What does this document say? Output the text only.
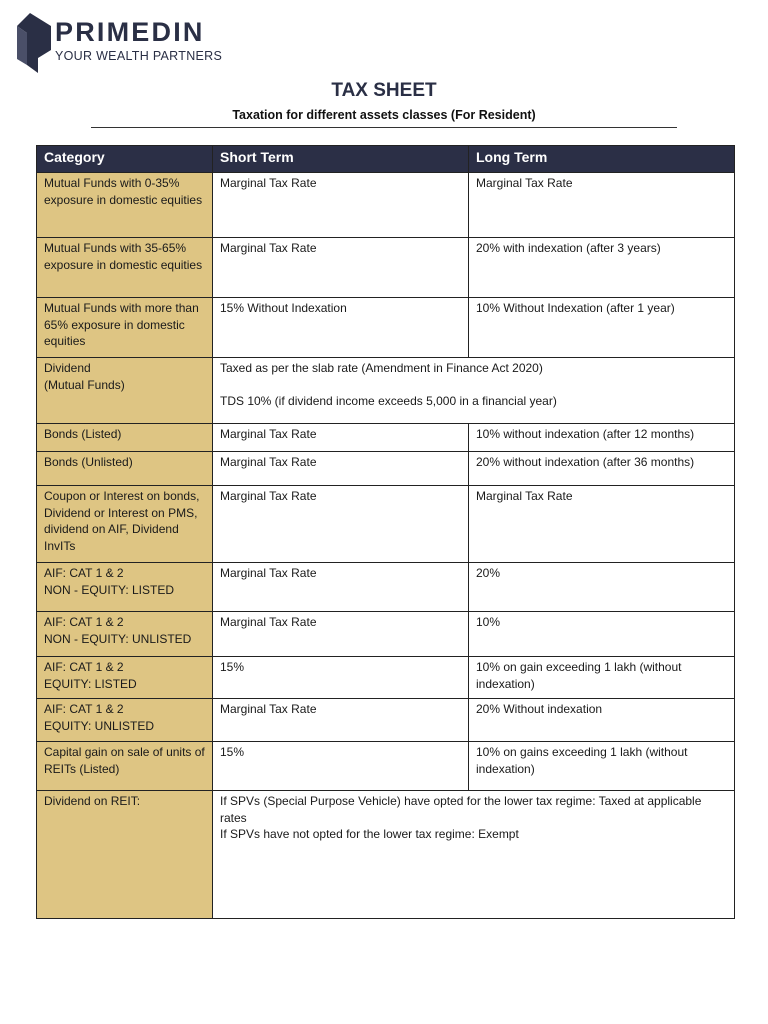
PRIMEDIN
YOUR WEALTH PARTNERS
TAX SHEET
Taxation for different assets classes (For Resident)
Category	Short Term	Long Term
Mutual Funds with 0-35% exposure in domestic equities	Marginal Tax Rate	Marginal Tax Rate
Mutual Funds with 35-65% exposure in domestic equities	Marginal Tax Rate	20% with indexation (after 3 years)
Mutual Funds with more than 65% exposure in domestic equities	15% Without Indexation	10% Without Indexation (after 1 year)
Dividend
(Mutual Funds)	Taxed as per the slab rate (Amendment in Finance Act 2020)

TDS 10% (if dividend income exceeds 5,000 in a financial year)	
Bonds (Listed)	Marginal Tax Rate	10% without indexation (after 12 months)
Bonds (Unlisted)	Marginal Tax Rate	20% without indexation (after 36 months)
Coupon or Interest on bonds, Dividend or Interest on PMS, dividend on AIF, Dividend InvITs	Marginal Tax Rate	Marginal Tax Rate
AIF: CAT 1 & 2
NON - EQUITY: LISTED	Marginal Tax Rate	20%
AIF: CAT 1 & 2
NON - EQUITY: UNLISTED	Marginal Tax Rate	10%
AIF: CAT 1 & 2
EQUITY: LISTED	15%	10% on gain exceeding 1 lakh (without indexation)
AIF: CAT 1 & 2
EQUITY: UNLISTED	Marginal Tax Rate	20% Without indexation
Capital gain on sale of units of REITs (Listed)	15%	10% on gains exceeding 1 lakh (without indexation)
Dividend on REIT:	If SPVs (Special Purpose Vehicle) have opted for the lower tax regime: Taxed at applicable rates
If SPVs have not opted for the lower tax regime: Exempt	
